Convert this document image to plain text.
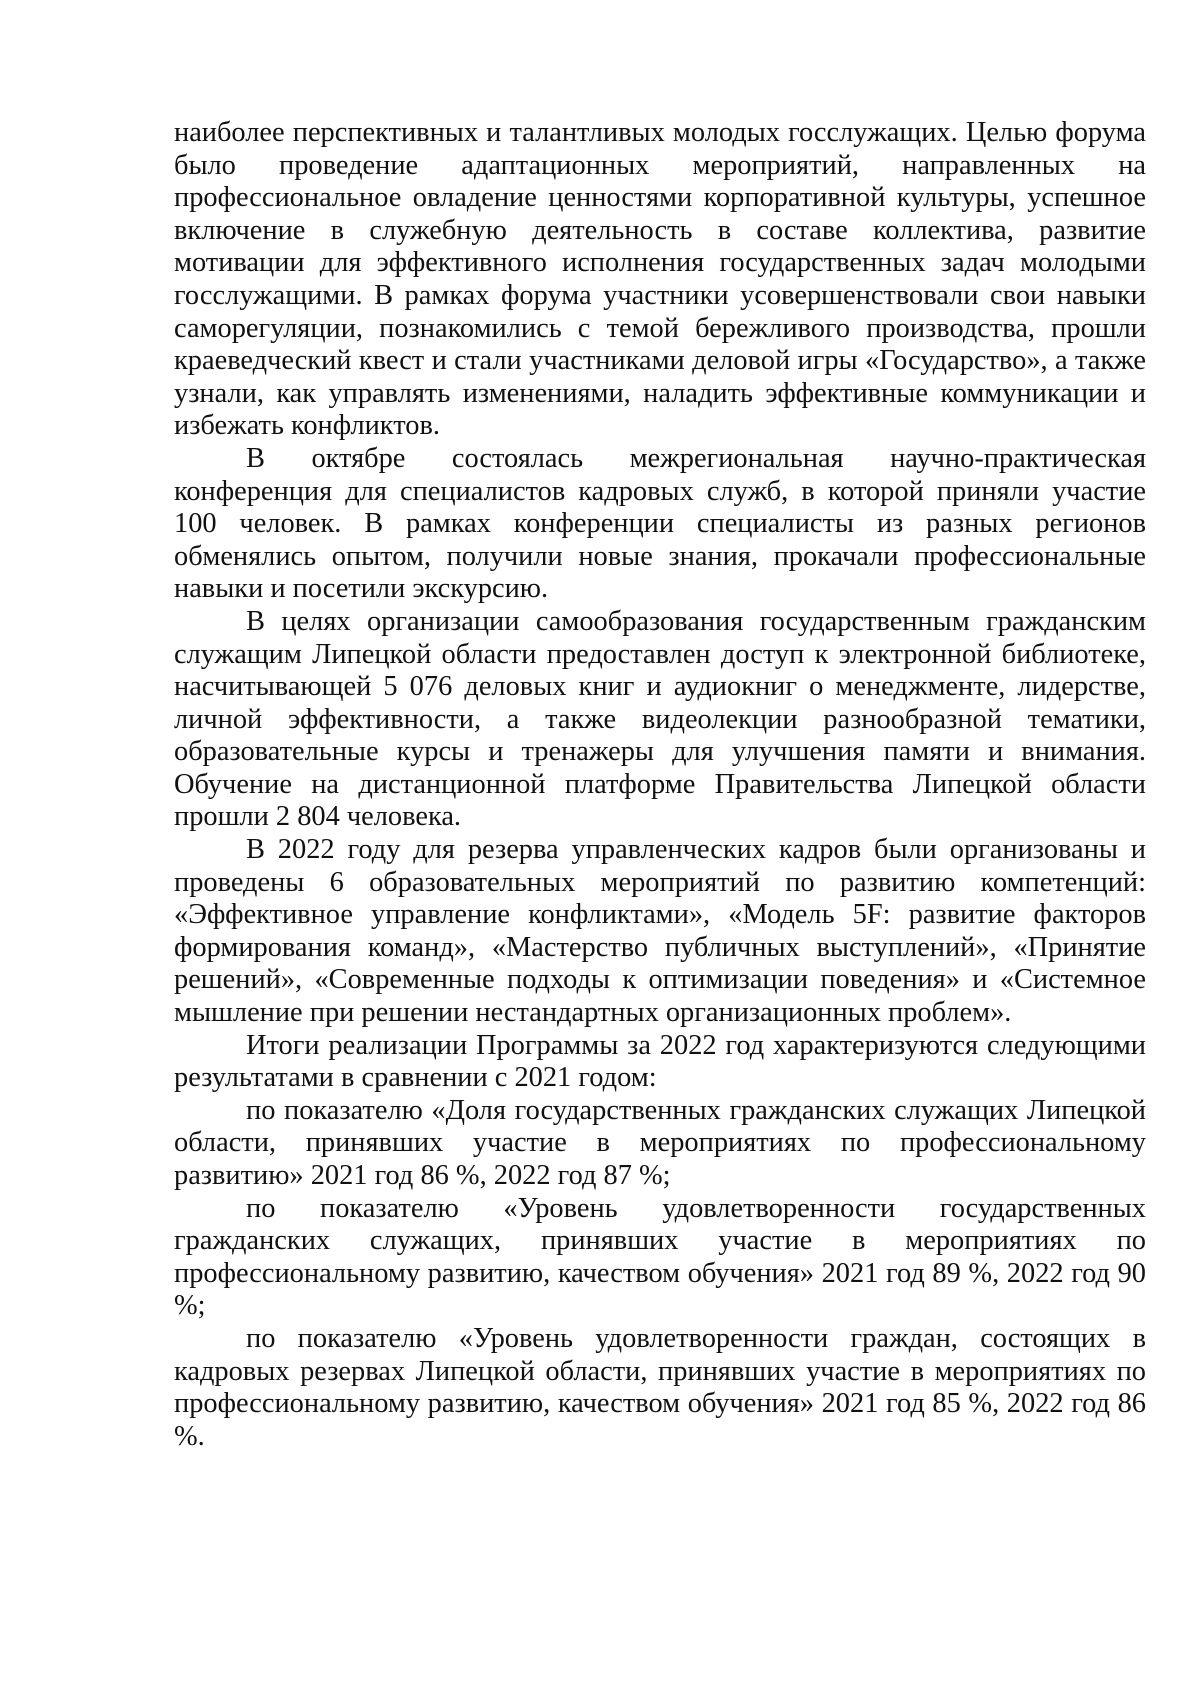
наиболее перспективных и талантливых молодых госслужащих. Целью форума было проведение адаптационных мероприятий, направленных на профессиональное овладение ценностями корпоративной культуры, успешное включение в служебную деятельность в составе коллектива, развитие мотивации для эффективного исполнения государственных задач молодыми госслужащими. В рамках форума участники усовершенствовали свои навыки саморегуляции, познакомились с темой бережливого производства, прошли краеведческий квест и стали участниками деловой игры «Государство», а также узнали, как управлять изменениями, наладить эффективные коммуникации и избежать конфликтов.

В октябре состоялась межрегиональная научно-практическая конференция для специалистов кадровых служб, в которой приняли участие 100 человек. В рамках конференции специалисты из разных регионов обменялись опытом, получили новые знания, прокачали профессиональные навыки и посетили экскурсию.

В целях организации самообразования государственным гражданским служащим Липецкой области предоставлен доступ к электронной библиотеке, насчитывающей 5 076 деловых книг и аудиокниг о менеджменте, лидерстве, личной эффективности, а также видеолекции разнообразной тематики, образовательные курсы и тренажеры для улучшения памяти и внимания. Обучение на дистанционной платформе Правительства Липецкой области прошли 2 804 человека.

В 2022 году для резерва управленческих кадров были организованы и проведены 6 образовательных мероприятий по развитию компетенций: «Эффективное управление конфликтами», «Модель 5F: развитие факторов формирования команд», «Мастерство публичных выступлений», «Принятие решений», «Современные подходы к оптимизации поведения» и «Системное мышление при решении нестандартных организационных проблем».

Итоги реализации Программы за 2022 год характеризуются следующими результатами в сравнении с 2021 годом:

по показателю «Доля государственных гражданских служащих Липецкой области, принявших участие в мероприятиях по профессиональному развитию» 2021 год 86 %, 2022 год 87 %;

по показателю «Уровень удовлетворенности государственных гражданских служащих, принявших участие в мероприятиях по профессиональному развитию, качеством обучения» 2021 год 89 %, 2022 год 90 %;

по показателю «Уровень удовлетворенности граждан, состоящих в кадровых резервах Липецкой области, принявших участие в мероприятиях по профессиональному развитию, качеством обучения» 2021 год 85 %, 2022 год 86 %.
